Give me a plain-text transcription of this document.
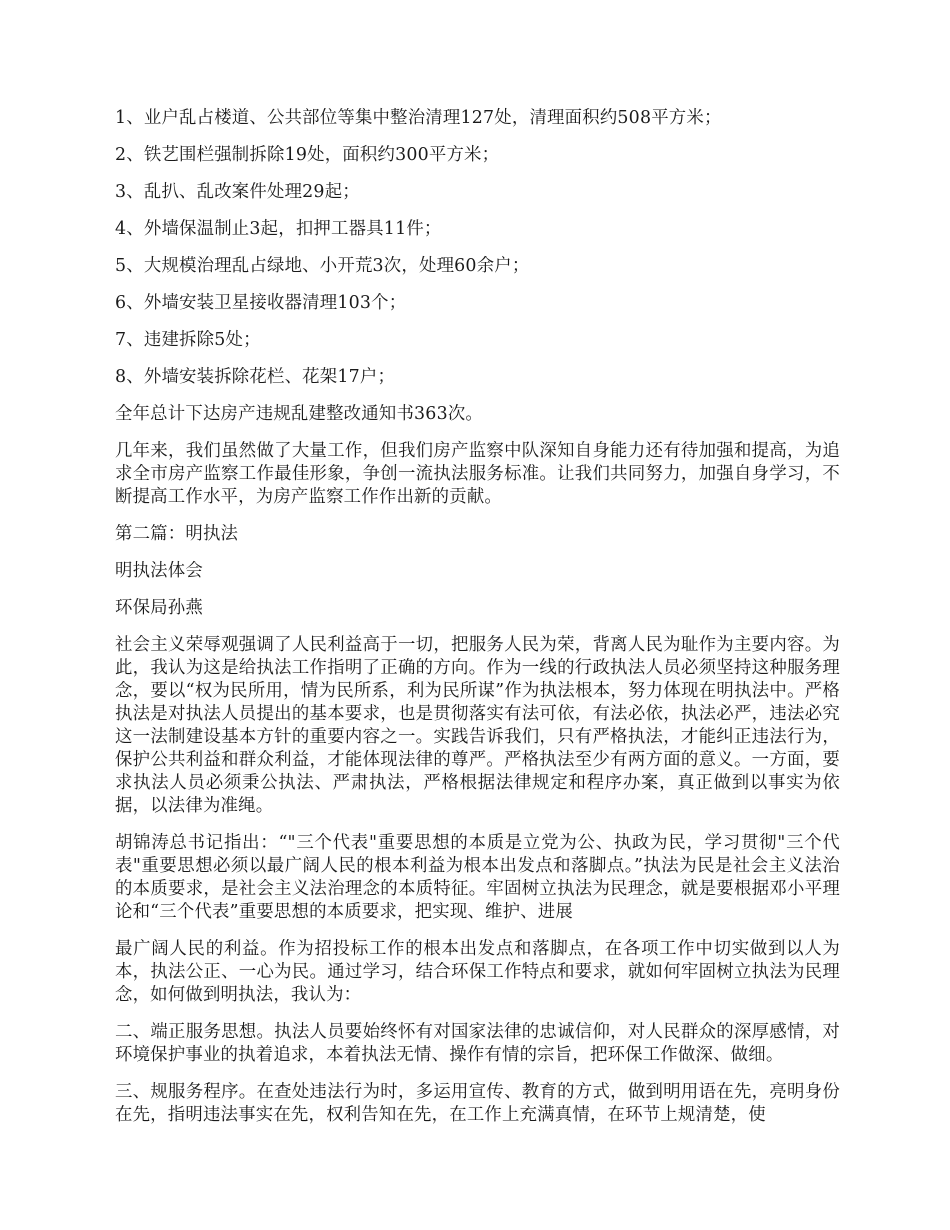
1、业户乱占楼道、公共部位等集中整治清理127处，清理面积约508平方米；

2、铁艺围栏强制拆除19处，面积约300平方米；

3、乱扒、乱改案件处理29起；

4、外墙保温制止3起，扣押工器具11件；

5、大规模治理乱占绿地、小开荒3次，处理60余户；

6、外墙安装卫星接收器清理103个；

7、违建拆除5处；

8、外墙安装拆除花栏、花架17户；

全年总计下达房产违规乱建整改通知书363次。

几年来，我们虽然做了大量工作，但我们房产监察中队深知自身能力还有待加强和提高，为追求全市房产监察工作最佳形象，争创一流执法服务标准。让我们共同努力，加强自身学习，不断提高工作水平，为房产监察工作作出新的贡献。

第二篇：明执法

明执法体会

环保局孙燕

社会主义荣辱观强调了人民利益高于一切，把服务人民为荣，背离人民为耻作为主要内容。为此，我认为这是给执法工作指明了正确的方向。作为一线的行政执法人员必须坚持这种服务理念，要以“权为民所用，情为民所系，利为民所谋”作为执法根本，努力体现在明执法中。严格执法是对执法人员提出的基本要求，也是贯彻落实有法可依，有法必依，执法必严，违法必究这一法制建设基本方针的重要内容之一。实践告诉我们，只有严格执法，才能纠正违法行为，保护公共利益和群众利益，才能体现法律的尊严。严格执法至少有两方面的意义。一方面，要求执法人员必须秉公执法、严肃执法，严格根据法律规定和程序办案，真正做到以事实为依据，以法律为准绳。

胡锦涛总书记指出：“"三个代表"重要思想的本质是立党为公、执政为民，学习贯彻"三个代表"重要思想必须以最广阔人民的根本利益为根本出发点和落脚点。”执法为民是社会主义法治的本质要求，是社会主义法治理念的本质特征。牢固树立执法为民理念，就是要根据邓小平理论和“三个代表”重要思想的本质要求，把实现、维护、进展

最广阔人民的利益。作为招投标工作的根本出发点和落脚点，在各项工作中切实做到以人为本，执法公正、一心为民。通过学习，结合环保工作特点和要求，就如何牢固树立执法为民理念，如何做到明执法，我认为：

二、端正服务思想。执法人员要始终怀有对国家法律的忠诚信仰，对人民群众的深厚感情，对环境保护事业的执着追求，本着执法无情、操作有情的宗旨，把环保工作做深、做细。

三、规服务程序。在查处违法行为时，多运用宣传、教育的方式，做到明用语在先，亮明身份在先，指明违法事实在先，权利告知在先，在工作上充满真情，在环节上规清楚，使
